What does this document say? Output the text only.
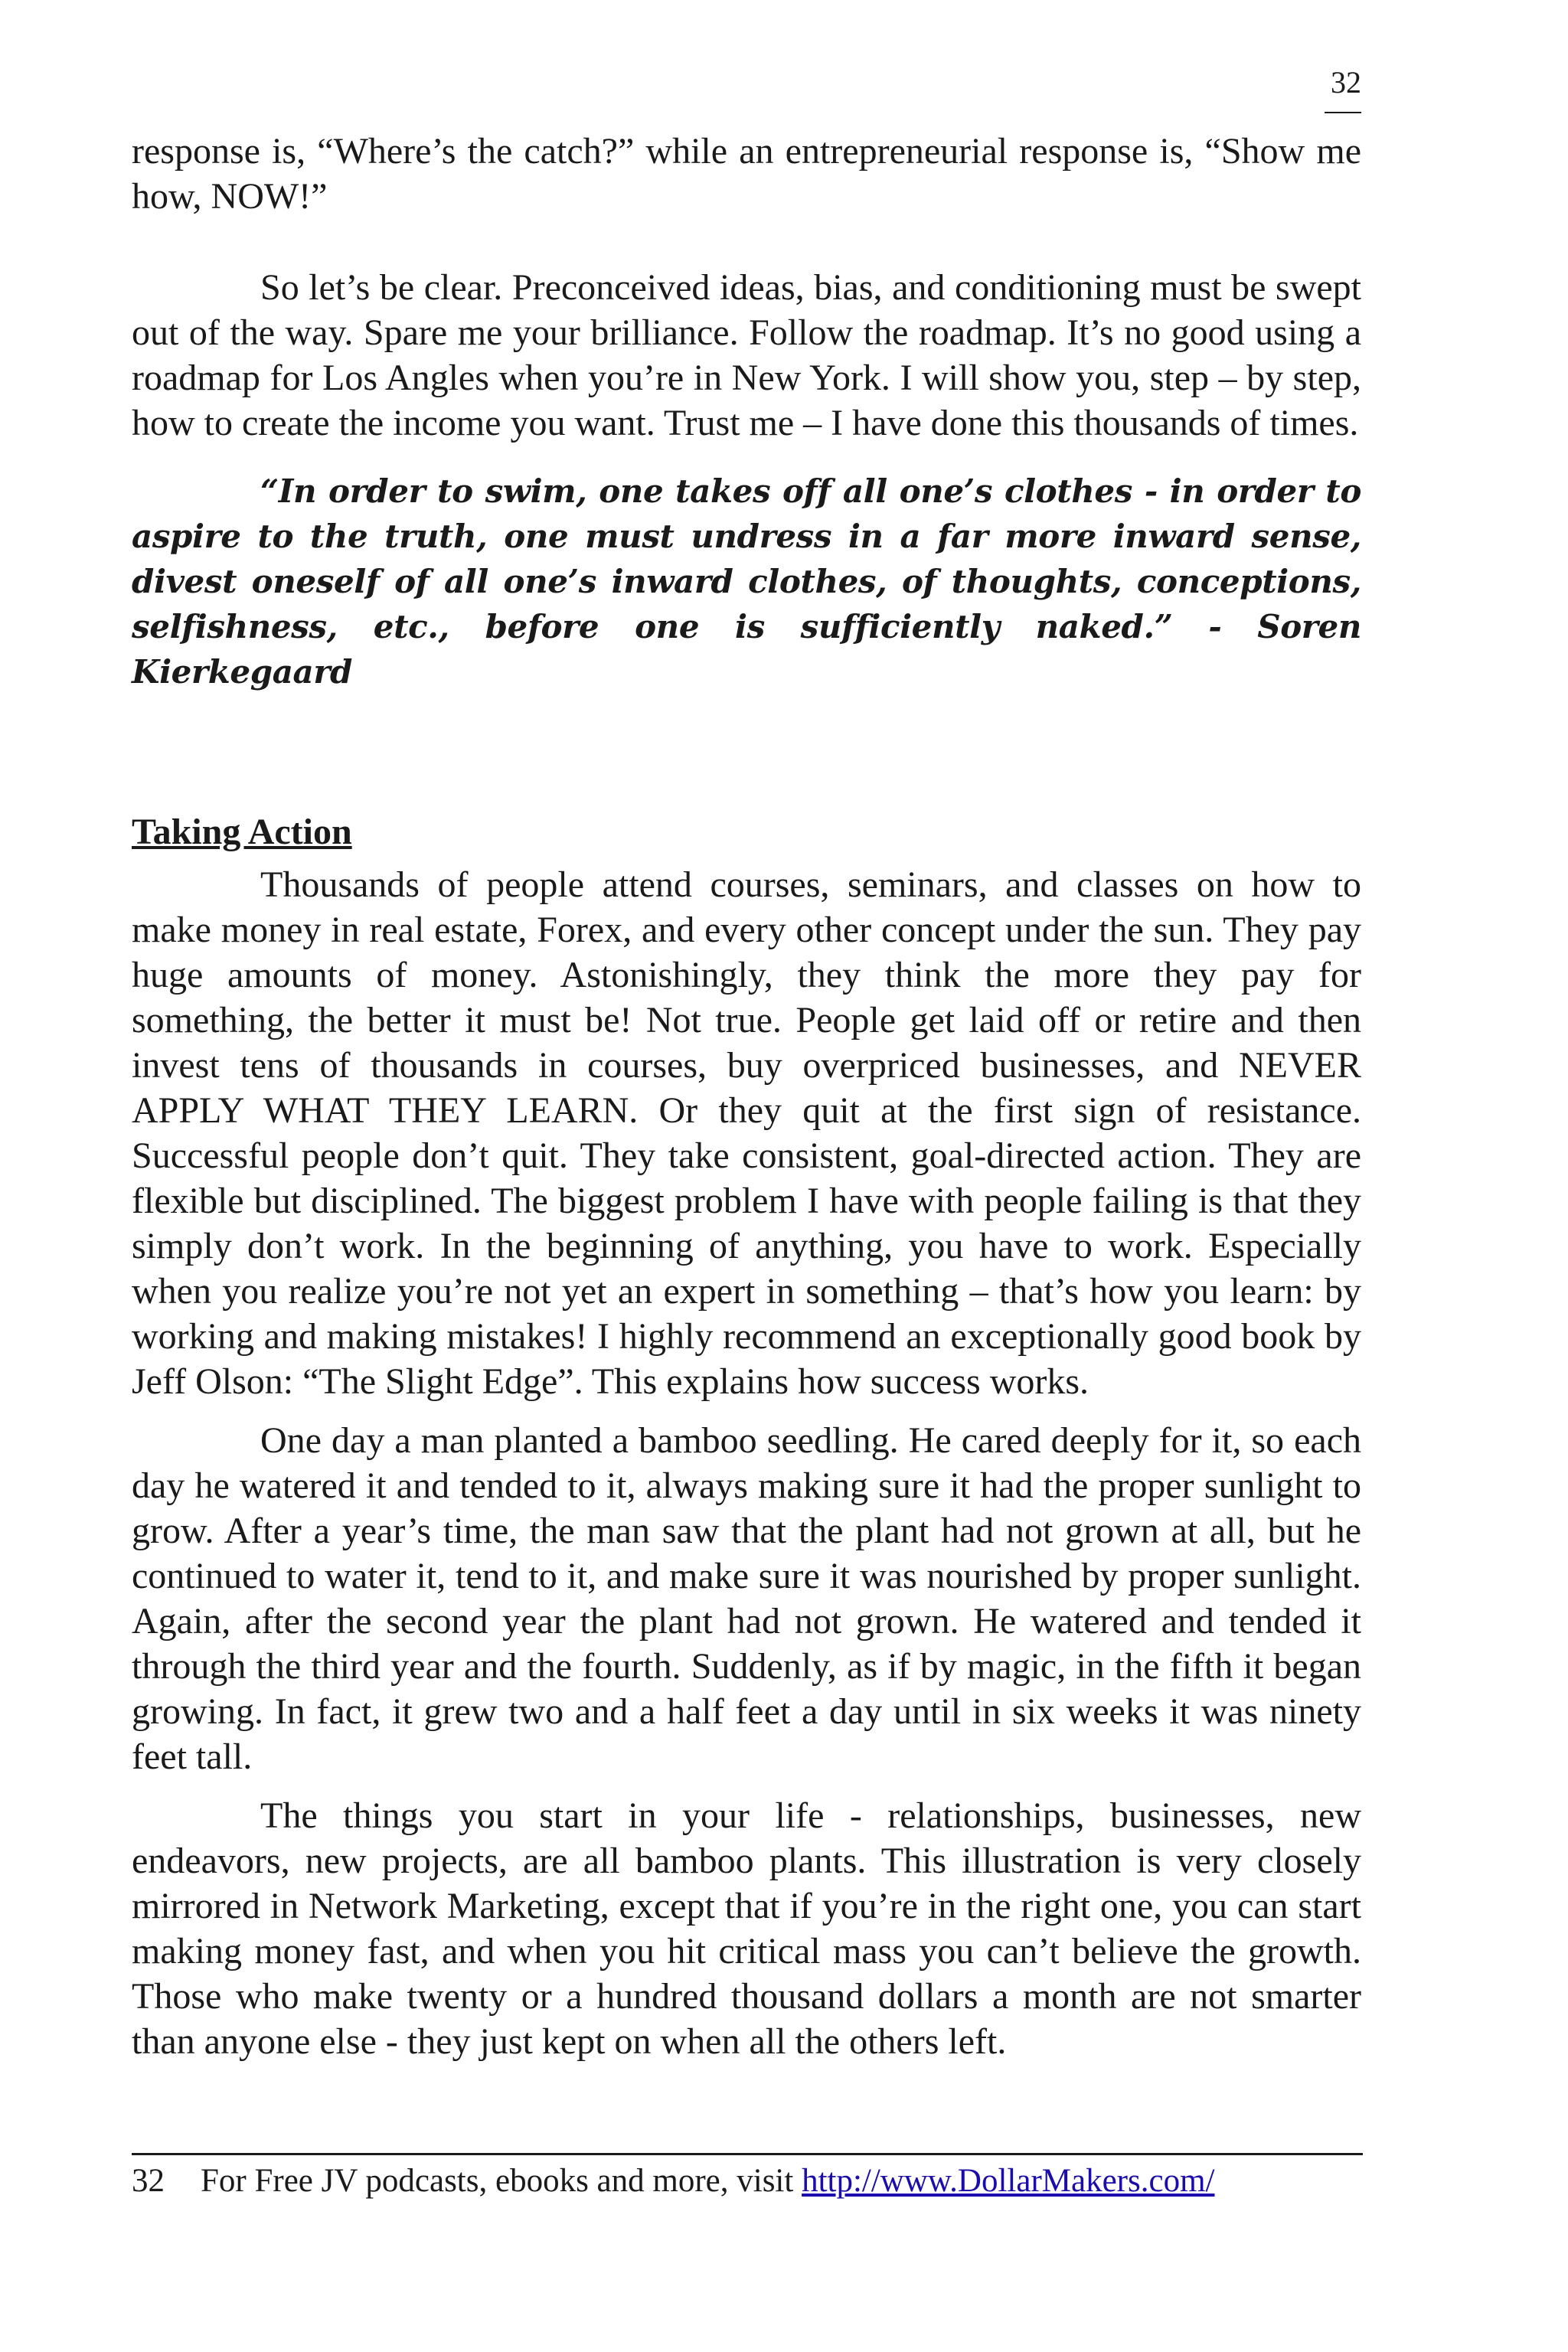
32

response is, “Where’s the catch?” while an entrepreneurial response is, “Show me how, NOW!”

So let’s be clear. Preconceived ideas, bias, and conditioning must be swept out of the way. Spare me your brilliance. Follow the roadmap. It’s no good using a roadmap for Los Angles when you’re in New York. I will show you, step – by step, how to create the income you want. Trust me – I have done this thousands of times.

“In order to swim, one takes off all one’s clothes - in order to aspire to the truth, one must undress in a far more inward sense, divest oneself of all one’s inward clothes, of thoughts, conceptions, selfishness, etc., before one is sufficiently naked.” - Soren Kierkegaard

Taking Action

Thousands of people attend courses, seminars, and classes on how to make money in real estate, Forex, and every other concept under the sun. They pay huge amounts of money. Astonishingly, they think the more they pay for something, the better it must be! Not true. People get laid off or retire and then invest tens of thousands in courses, buy overpriced businesses, and NEVER APPLY WHAT THEY LEARN. Or they quit at the first sign of resistance. Successful people don’t quit. They take consistent, goal-directed action. They are flexible but disciplined. The biggest problem I have with people failing is that they simply don’t work. In the beginning of anything, you have to work. Especially when you realize you’re not yet an expert in something – that’s how you learn: by working and making mistakes! I highly recommend an exceptionally good book by Jeff Olson: “The Slight Edge”. This explains how success works.

One day a man planted a bamboo seedling. He cared deeply for it, so each day he watered it and tended to it, always making sure it had the proper sunlight to grow. After a year’s time, the man saw that the plant had not grown at all, but he continued to water it, tend to it, and make sure it was nourished by proper sunlight. Again, after the second year the plant had not grown. He watered and tended it through the third year and the fourth. Suddenly, as if by magic, in the fifth it began growing. In fact, it grew two and a half feet a day until in six weeks it was ninety feet tall.

The things you start in your life - relationships, businesses, new endeavors, new projects, are all bamboo plants. This illustration is very closely mirrored in Network Marketing, except that if you’re in the right one, you can start making money fast, and when you hit critical mass you can’t believe the growth. Those who make twenty or a hundred thousand dollars a month are not smarter than anyone else - they just kept on when all the others left.

32 For Free JV podcasts, ebooks and more, visit http://www.DollarMakers.com/
